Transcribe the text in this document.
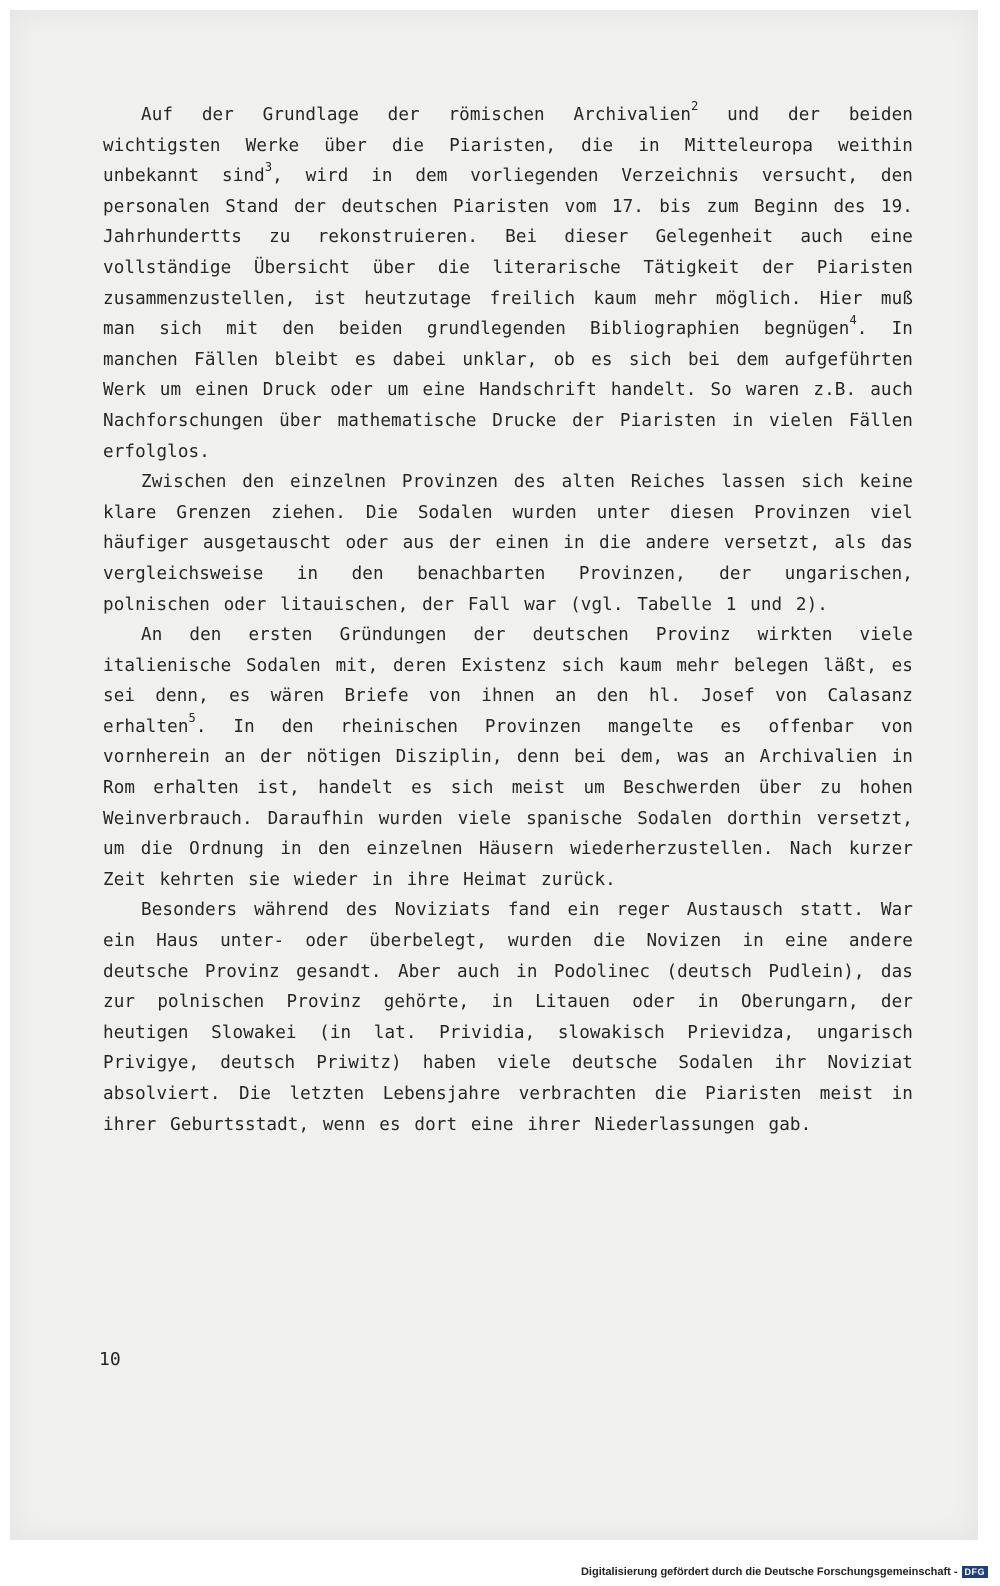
Auf der Grundlage der römischen Archivalien$^2$ und der beiden wichtigsten Werke über die Piaristen, die in Mitteleuropa weithin unbekannt sind$^3$, wird in dem vorliegenden Verzeichnis versucht, den personalen Stand der deutschen Piaristen vom 17. bis zum Beginn des 19. Jahrhundertts zu rekonstruieren. Bei dieser Gelegenheit auch eine vollständige Übersicht über die literarische Tätigkeit der Piaristen zusammenzustellen, ist heutzutage freilich kaum mehr möglich. Hier muß man sich mit den beiden grundlegenden Bibliographien begnügen$^4$. In manchen Fällen bleibt es dabei unklar, ob es sich bei dem aufgeführten Werk um einen Druck oder um eine Handschrift handelt. So waren z.B. auch Nachforschungen über mathematische Drucke der Piaristen in vielen Fällen erfolglos.

Zwischen den einzelnen Provinzen des alten Reiches lassen sich keine klare Grenzen ziehen. Die Sodalen wurden unter diesen Provinzen viel häufiger ausgetauscht oder aus der einen in die andere versetzt, als das vergleichsweise in den benachbarten Provinzen, der ungarischen, polnischen oder litauischen, der Fall war (vgl. Tabelle 1 und 2).

An den ersten Gründungen der deutschen Provinz wirkten viele italienische Sodalen mit, deren Existenz sich kaum mehr belegen läßt, es sei denn, es wären Briefe von ihnen an den hl. Josef von Calasanz erhalten$^5$. In den rheinischen Provinzen mangelte es offenbar von vornherein an der nötigen Disziplin, denn bei dem, was an Archivalien in Rom erhalten ist, handelt es sich meist um Beschwerden über zu hohen Weinverbrauch. Daraufhin wurden viele spanische Sodalen dorthin versetzt, um die Ordnung in den einzelnen Häusern wiederherzustellen. Nach kurzer Zeit kehrten sie wieder in ihre Heimat zurück.

Besonders während des Noviziats fand ein reger Austausch statt. War ein Haus unter- oder überbelegt, wurden die Novizen in eine andere deutsche Provinz gesandt. Aber auch in Podolinec (deutsch Pudlein), das zur polnischen Provinz gehörte, in Litauen oder in Oberungarn, der heutigen Slowakei (in lat. Prividia, slowakisch Prievidza, ungarisch Privigye, deutsch Priwitz) haben viele deutsche Sodalen ihr Noviziat absolviert. Die letzten Lebensjahre verbrachten die Piaristen meist in ihrer Geburtsstadt, wenn es dort eine ihrer Niederlassungen gab.

10
Digitalisierung gefördert durch die Deutsche Forschungsgemeinschaft - DFG
